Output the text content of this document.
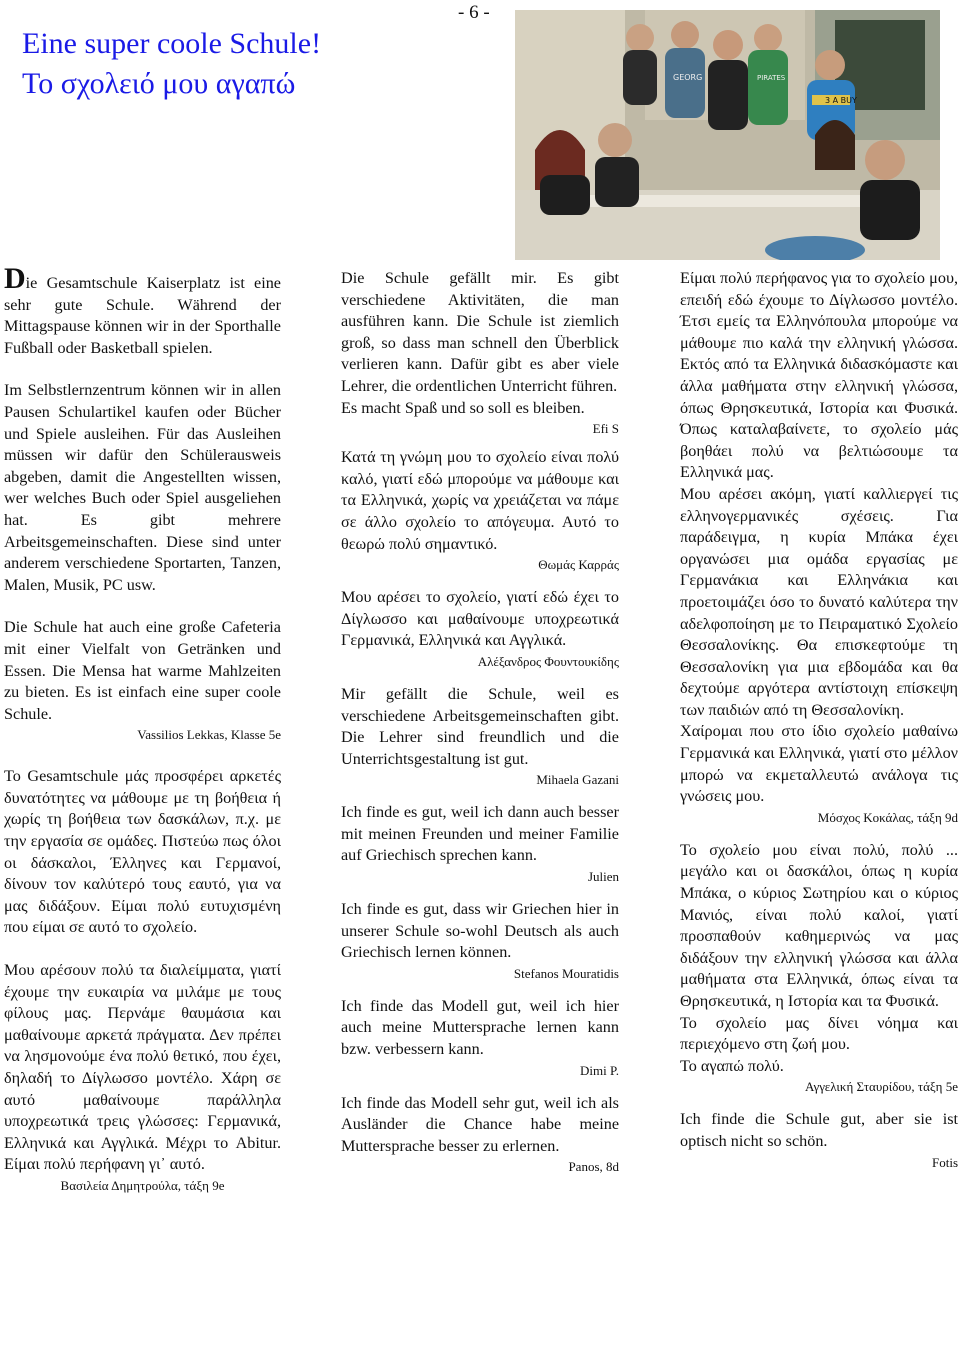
- 6 -
Eine super coole Schule!
Το σχολειό μου αγαπώ
3 A BUY
GEORG	PIRATES

Die Gesamtschule Kaiserplatz ist eine sehr gute Schule. Während der Mittagspause können wir in der Sporthalle Fußball oder Basketball spielen.

Im Selbstlernzentrum können wir in allen Pausen Schulartikel kaufen oder Bücher und Spiele ausleihen. Für das Ausleihen müssen wir dafür den Schülerausweis abgeben, damit die Angestellten wissen, wer welches Buch oder Spiel ausgeliehen hat. Es gibt mehrere Arbeitsgemeinschaften. Diese sind unter anderem verschiedene Sportarten, Tanzen, Malen, Musik, PC usw.

Die Schule hat auch eine große Cafeteria mit einer Vielfalt von Getränken und Essen. Die Mensa hat warme Mahlzeiten zu bieten. Es ist einfach eine super coole Schule.

Vassilios Lekkas, Klasse 5e

Το Gesamtschule μάς προσφέρει αρκετές δυνατότητες να μάθουμε με τη βοήθεια ή χωρίς τη βοήθεια των δασκάλων, π.χ. με την εργασία σε ομάδες. Πιστεύω πως όλοι οι δάσκαλοι, Έλληνες και Γερμανοί, δίνουν τον καλύτερό τους εαυτό, για να μας διδάξουν. Είμαι πολύ ευτυχισμένη που είμαι σε αυτό το σχολείο.

Μου αρέσουν πολύ τα διαλείμματα, γιατί έχουμε την ευκαιρία να μιλάμε με τους φίλους μας. Περνάμε θαυμάσια και μαθαίνουμε αρκετά πράγματα. Δεν πρέπει να λησμονούμε ένα πολύ θετικό, που έχει, δηλαδή το Δίγλωσσο μοντέλο. Χάρη σε αυτό μαθαίνουμε παράλληλα υποχρεωτικά τρεις γλώσσες: Γερμανικά, Ελληνικά και Αγγλικά. Μέχρι το Abitur. Είμαι πολύ περήφανη γι᾽ αυτό.

Βασιλεία Δημητρούλα, τάξη 9e

Die Schule gefällt mir. Es gibt verschiedene Aktivitäten, die man ausführen kann. Die Schule ist ziemlich groß, so dass man schnell den Überblick verlieren kann. Dafür gibt es aber viele Lehrer, die ordentlichen Unterricht führen.

Es macht Spaß und so soll es bleiben.

Efi S

Κατά τη γνώμη μου το σχολείο είναι πολύ καλό, γιατί εδώ μπορούμε να μάθουμε και τα Ελληνικά, χωρίς να χρειάζεται να πάμε σε άλλο σχολείο το απόγευμα. Αυτό το θεωρώ πολύ σημαντικό.

Θωμάς Καρράς

Μου αρέσει το σχολείο, γιατί εδώ έχει το Δίγλωσσο και μαθαίνουμε υποχρεωτικά Γερμανικά, Ελληνικά και Αγγλικά.

Αλέξανδρος Φουντουκίδης

Mir gefällt die Schule, weil es verschiedene Arbeitsgemeinschaften gibt. Die Lehrer sind freundlich und die Unterrichtsgestaltung ist gut.

Mihaela Gazani

Ich finde es gut, weil ich dann auch besser mit meinen Freunden und meiner Familie auf Griechisch sprechen kann.

Julien

Ich finde es gut, dass wir Griechen hier in unserer Schule so-wohl Deutsch als auch Griechisch lernen können.

Stefanos Mouratidis

Ich finde das Modell gut, weil ich hier auch meine Muttersprache lernen kann bzw. verbessern kann.

Dimi P.

Ich finde das Modell sehr gut, weil ich als Ausländer die Chance habe meine Muttersprache besser zu erlernen.

Panos, 8d

Είμαι πολύ περήφανος για το σχολείο μου, επειδή εδώ έχουμε το Δίγλωσσο μοντέλο. Έτσι εμείς τα Ελληνόπουλα μπορούμε να μάθουμε πιο καλά την ελληνική γλώσσα. Εκτός από τα Ελληνικά διδασκόμαστε και άλλα μαθήματα στην ελληνική γλώσσα, όπως Θρησκευτικά, Ιστορία και Φυσικά. Όπως καταλαβαίνετε, το σχολείο μάς βοηθάει πολύ να βελτιώσουμε τα Ελληνικά μας.

Μου αρέσει ακόμη, γιατί καλλιεργεί τις ελληνογερμανικές σχέσεις. Για παράδειγμα, η κυρία Μπάκα έχει οργανώσει μια ομάδα εργασίας με Γερμανάκια και Ελληνάκια και προετοιμάζει όσο το δυνατό καλύτερα την αδελφοποίηση με το Πειραματικό Σχολείο Θεσσαλονίκης. Θα επισκεφτούμε τη Θεσσαλονίκη για μια εβδομάδα και θα δεχτούμε αργότερα αντίστοιχη επίσκεψη των παιδιών από τη Θεσσαλονίκη.

Χαίρομαι που στο ίδιο σχολείο μαθαίνω Γερμανικά και Ελληνικά, γιατί στο μέλλον μπορώ να εκμεταλλευτώ ανάλογα τις γνώσεις μου.

Μόσχος Κοκάλας, τάξη 9d

Το σχολείο μου είναι πολύ, πολύ ... μεγάλο και οι δασκάλοι, όπως η κυρία Μπάκα, ο κύριος Σωτηρίου και ο κύριος Μανιός, είναι πολύ καλοί, γιατί προσπαθούν καθημερινώς να μας διδάξουν την ελληνική γλώσσα και άλλα μαθήματα στα Ελληνικά, όπως είναι τα Θρησκευτικά, η Ιστορία και τα Φυσικά.

Το σχολείο μας δίνει νόημα και περιεχόμενο στη ζωή μου.

Το αγαπώ πολύ.

Αγγελική Σταυρίδου, τάξη 5e

Ich finde die Schule gut, aber sie ist optisch nicht so schön.

Fotis
